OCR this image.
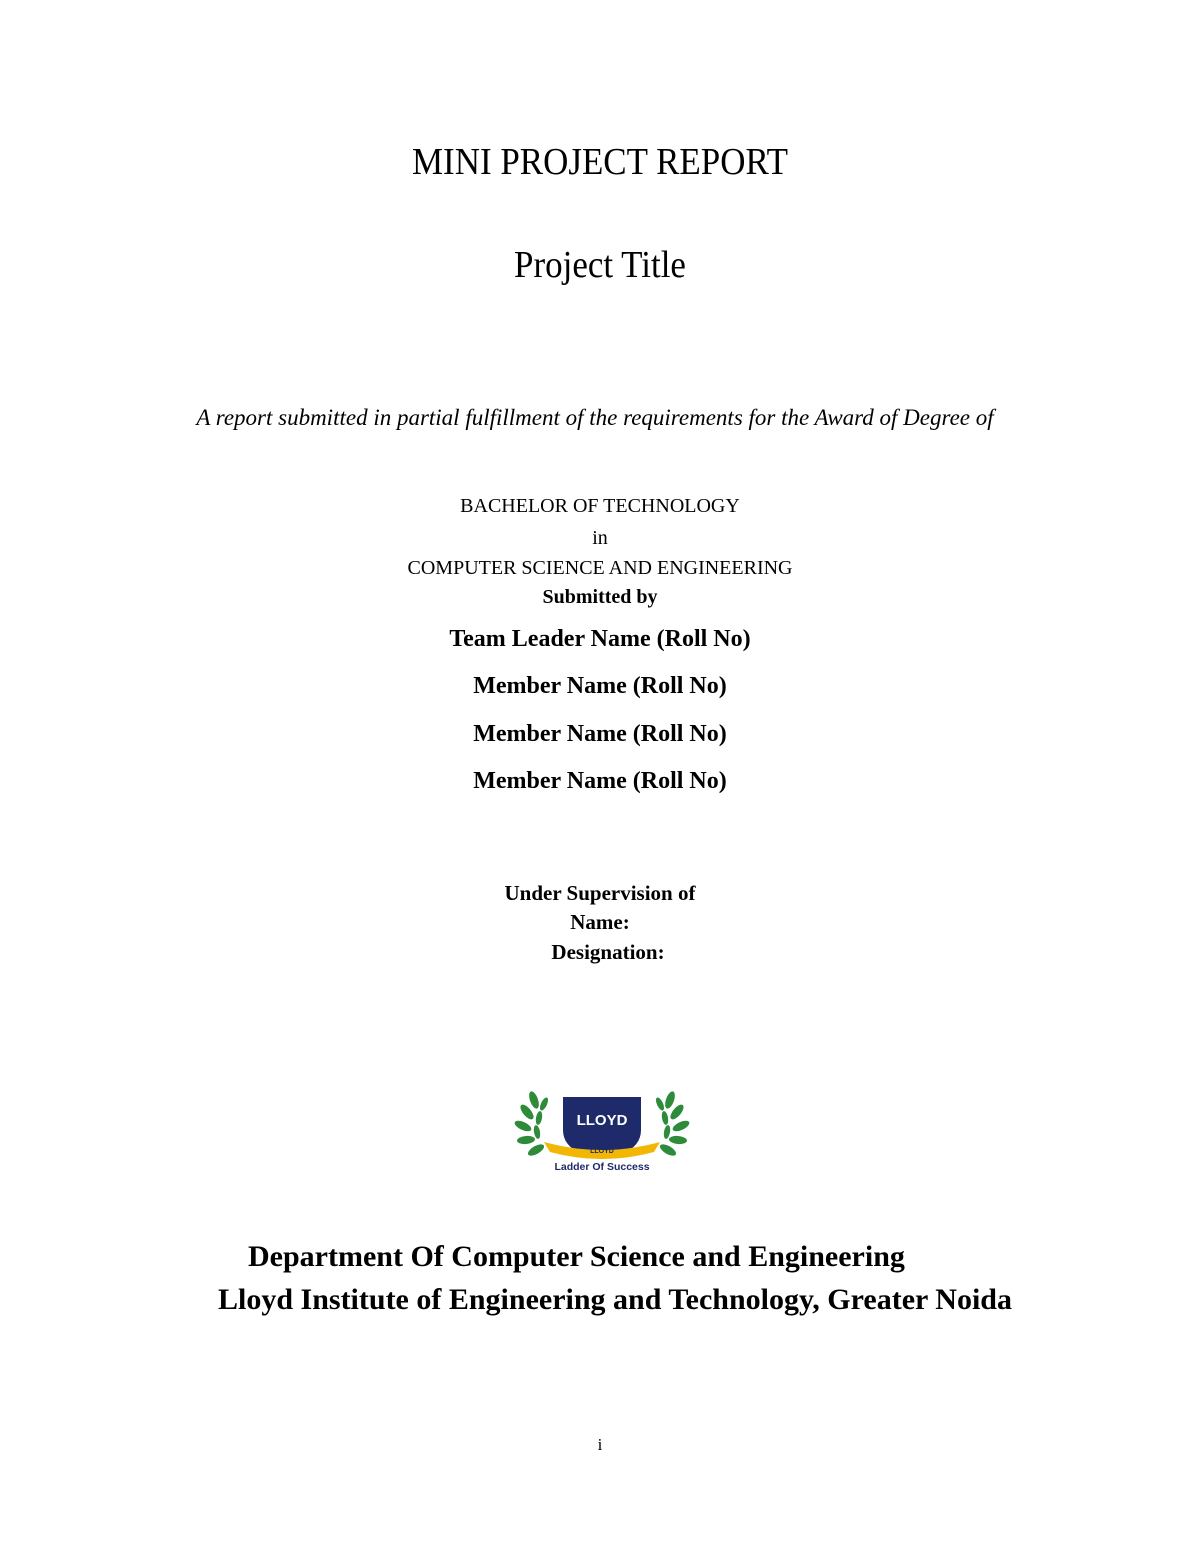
MINI PROJECT REPORT
Project Title
A report submitted in partial fulfillment of the requirements for the Award of Degree of
BACHELOR OF TECHNOLOGY
in
COMPUTER SCIENCE AND ENGINEERING
Submitted by
Team Leader Name (Roll No)
Member Name (Roll No)
Member Name (Roll No)
Member Name (Roll No)
Under Supervision of
Name:
Designation:
LLOYD
LLOYD
Ladder Of Success
Department Of Computer Science and Engineering
Lloyd Institute of Engineering and Technology, Greater Noida
i
